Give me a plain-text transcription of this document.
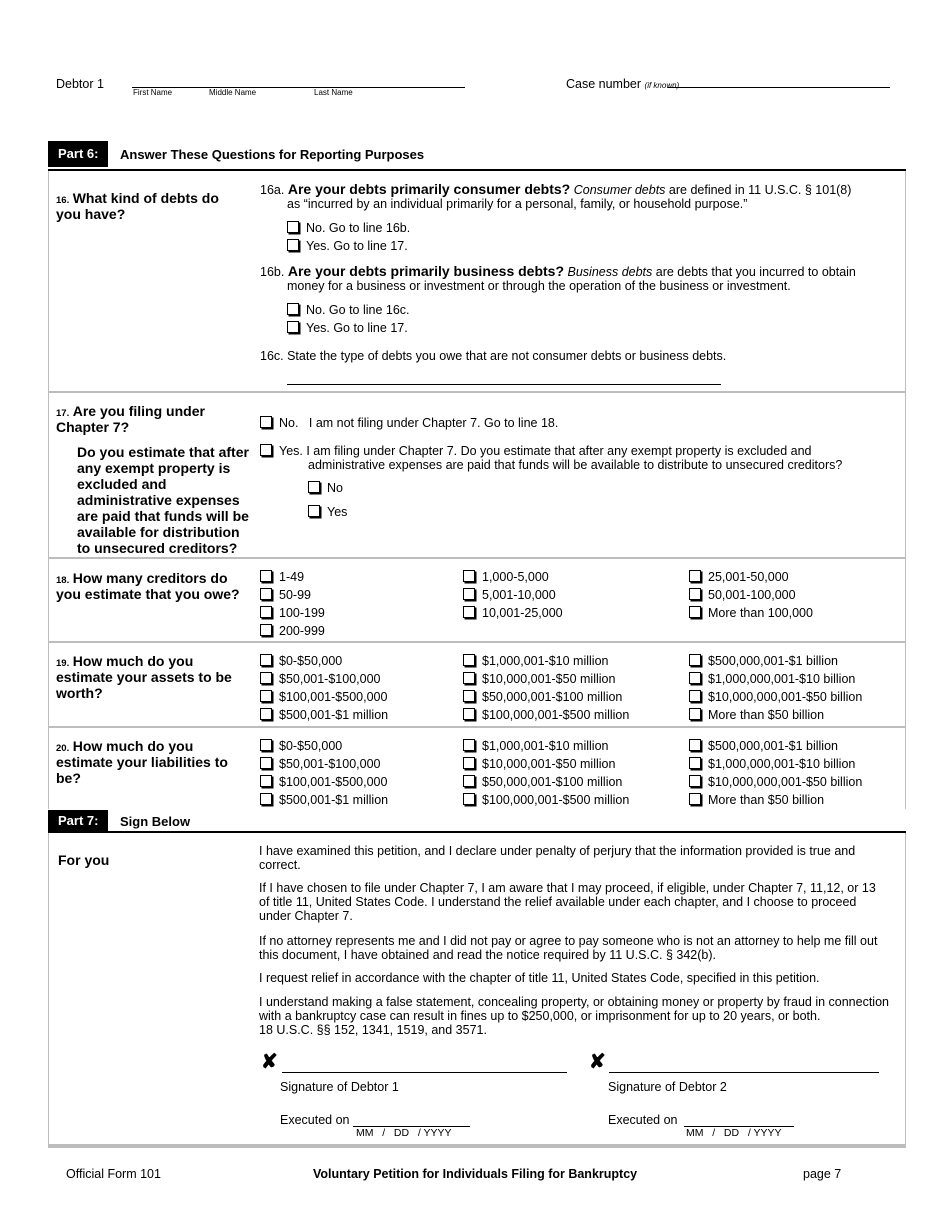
Debtor 1
First Name	Middle Name	Last Name
Case number (if known)
Part 6:	Answer These Questions for Reporting Purposes
16. What kind of debts do you have?
16a. Are your debts primarily consumer debts? Consumer debts are defined in 11 U.S.C. § 101(8)
as “incurred by an individual primarily for a personal, family, or household purpose.”
No. Go to line 16b.
Yes. Go to line 17.
16b. Are your debts primarily business debts? Business debts are debts that you incurred to obtain
money for a business or investment or through the operation of the business or investment.
No. Go to line 16c.
Yes. Go to line 17.
16c. State the type of debts you owe that are not consumer debts or business debts.
17. Are you filing under Chapter 7?
Do you estimate that after any exempt property is excluded and administrative expenses are paid that funds will be available for distribution to unsecured creditors?
No.   I am not filing under Chapter 7. Go to line 18.
Yes. I am filing under Chapter 7. Do you estimate that after any exempt property is excluded and
administrative expenses are paid that funds will be available to distribute to unsecured creditors?
No
Yes
18. How many creditors do you estimate that you owe?
1-49
50-99
100-199
200-999
1,000-5,000
5,001-10,000
10,001-25,000
25,001-50,000
50,001-100,000
More than 100,000
19. How much do you estimate your assets to be worth?
$0-$50,000
$50,001-$100,000
$100,001-$500,000
$500,001-$1 million
$1,000,001-$10 million
$10,000,001-$50 million
$50,000,001-$100 million
$100,000,001-$500 million
$500,000,001-$1 billion
$1,000,000,001-$10 billion
$10,000,000,001-$50 billion
More than $50 billion
20. How much do you estimate your liabilities to be?
$0-$50,000
$50,001-$100,000
$100,001-$500,000
$500,001-$1 million
$1,000,001-$10 million
$10,000,001-$50 million
$50,000,001-$100 million
$100,000,001-$500 million
$500,000,001-$1 billion
$1,000,000,001-$10 billion
$10,000,000,001-$50 billion
More than $50 billion
Part 7:	Sign Below
For you
I have examined this petition, and I declare under penalty of perjury that the information provided is true and correct.
If I have chosen to file under Chapter 7, I am aware that I may proceed, if eligible, under Chapter 7, 11,12, or 13 of title 11, United States Code. I understand the relief available under each chapter, and I choose to proceed under Chapter 7.
If no attorney represents me and I did not pay or agree to pay someone who is not an attorney to help me fill out this document, I have obtained and read the notice required by 11 U.S.C. § 342(b).
I request relief in accordance with the chapter of title 11, United States Code, specified in this petition.
I understand making a false statement, concealing property, or obtaining money or property by fraud in connection with a bankruptcy case can result in fines up to $250,000, or imprisonment for up to 20 years, or both.
18 U.S.C. §§ 152, 1341, 1519, and 3571.
✘
Signature of Debtor 1
Executed on
MM   /   DD   / YYYY
✘
Signature of Debtor 2
Executed on
MM   /   DD   / YYYY
Official Form 101	Voluntary Petition for Individuals Filing for Bankruptcy	page 7
